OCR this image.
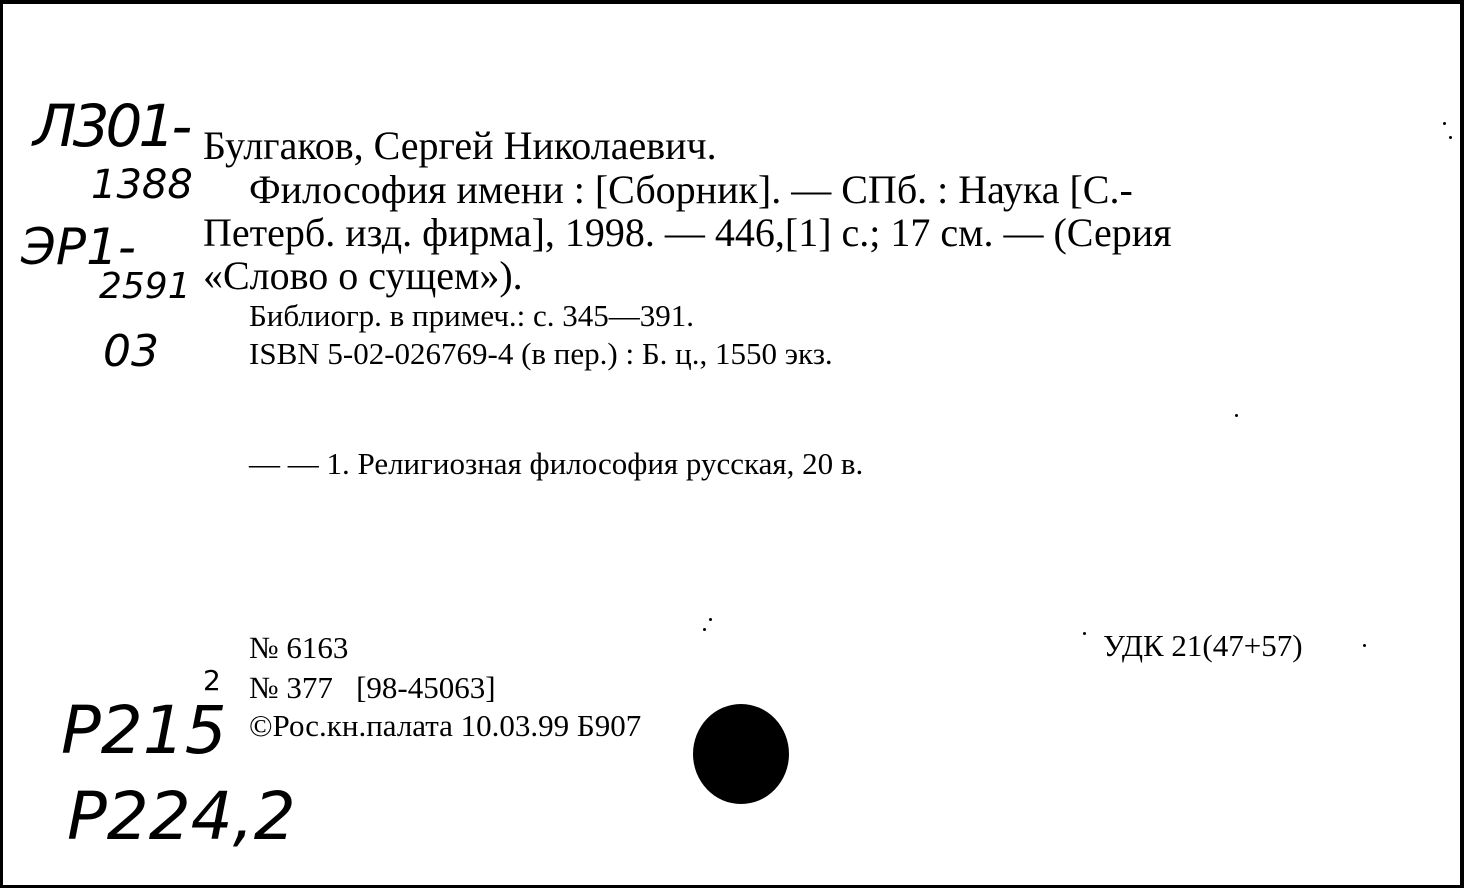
Л301-
1388
ЭР1-
2591
03
P215
P224,2
2
Булгаков, Сергей Николаевич.
Философия имени : [Сборник]. — СПб. : Наука [С.-
Петерб. изд. фирма], 1998. — 446,[1] с.; 17 см. — (Серия
«Слово о сущем»).
Библиогр. в примеч.: с. 345—391.
ISBN 5-02-026769-4 (в пер.) : Б. ц., 1550 экз.
— — 1. Религиозная философия русская, 20 в.
№ 6163
№ 377   [98-45063]
©Рос.кн.палата 10.03.99 Б907
УДК 21(47+57)
